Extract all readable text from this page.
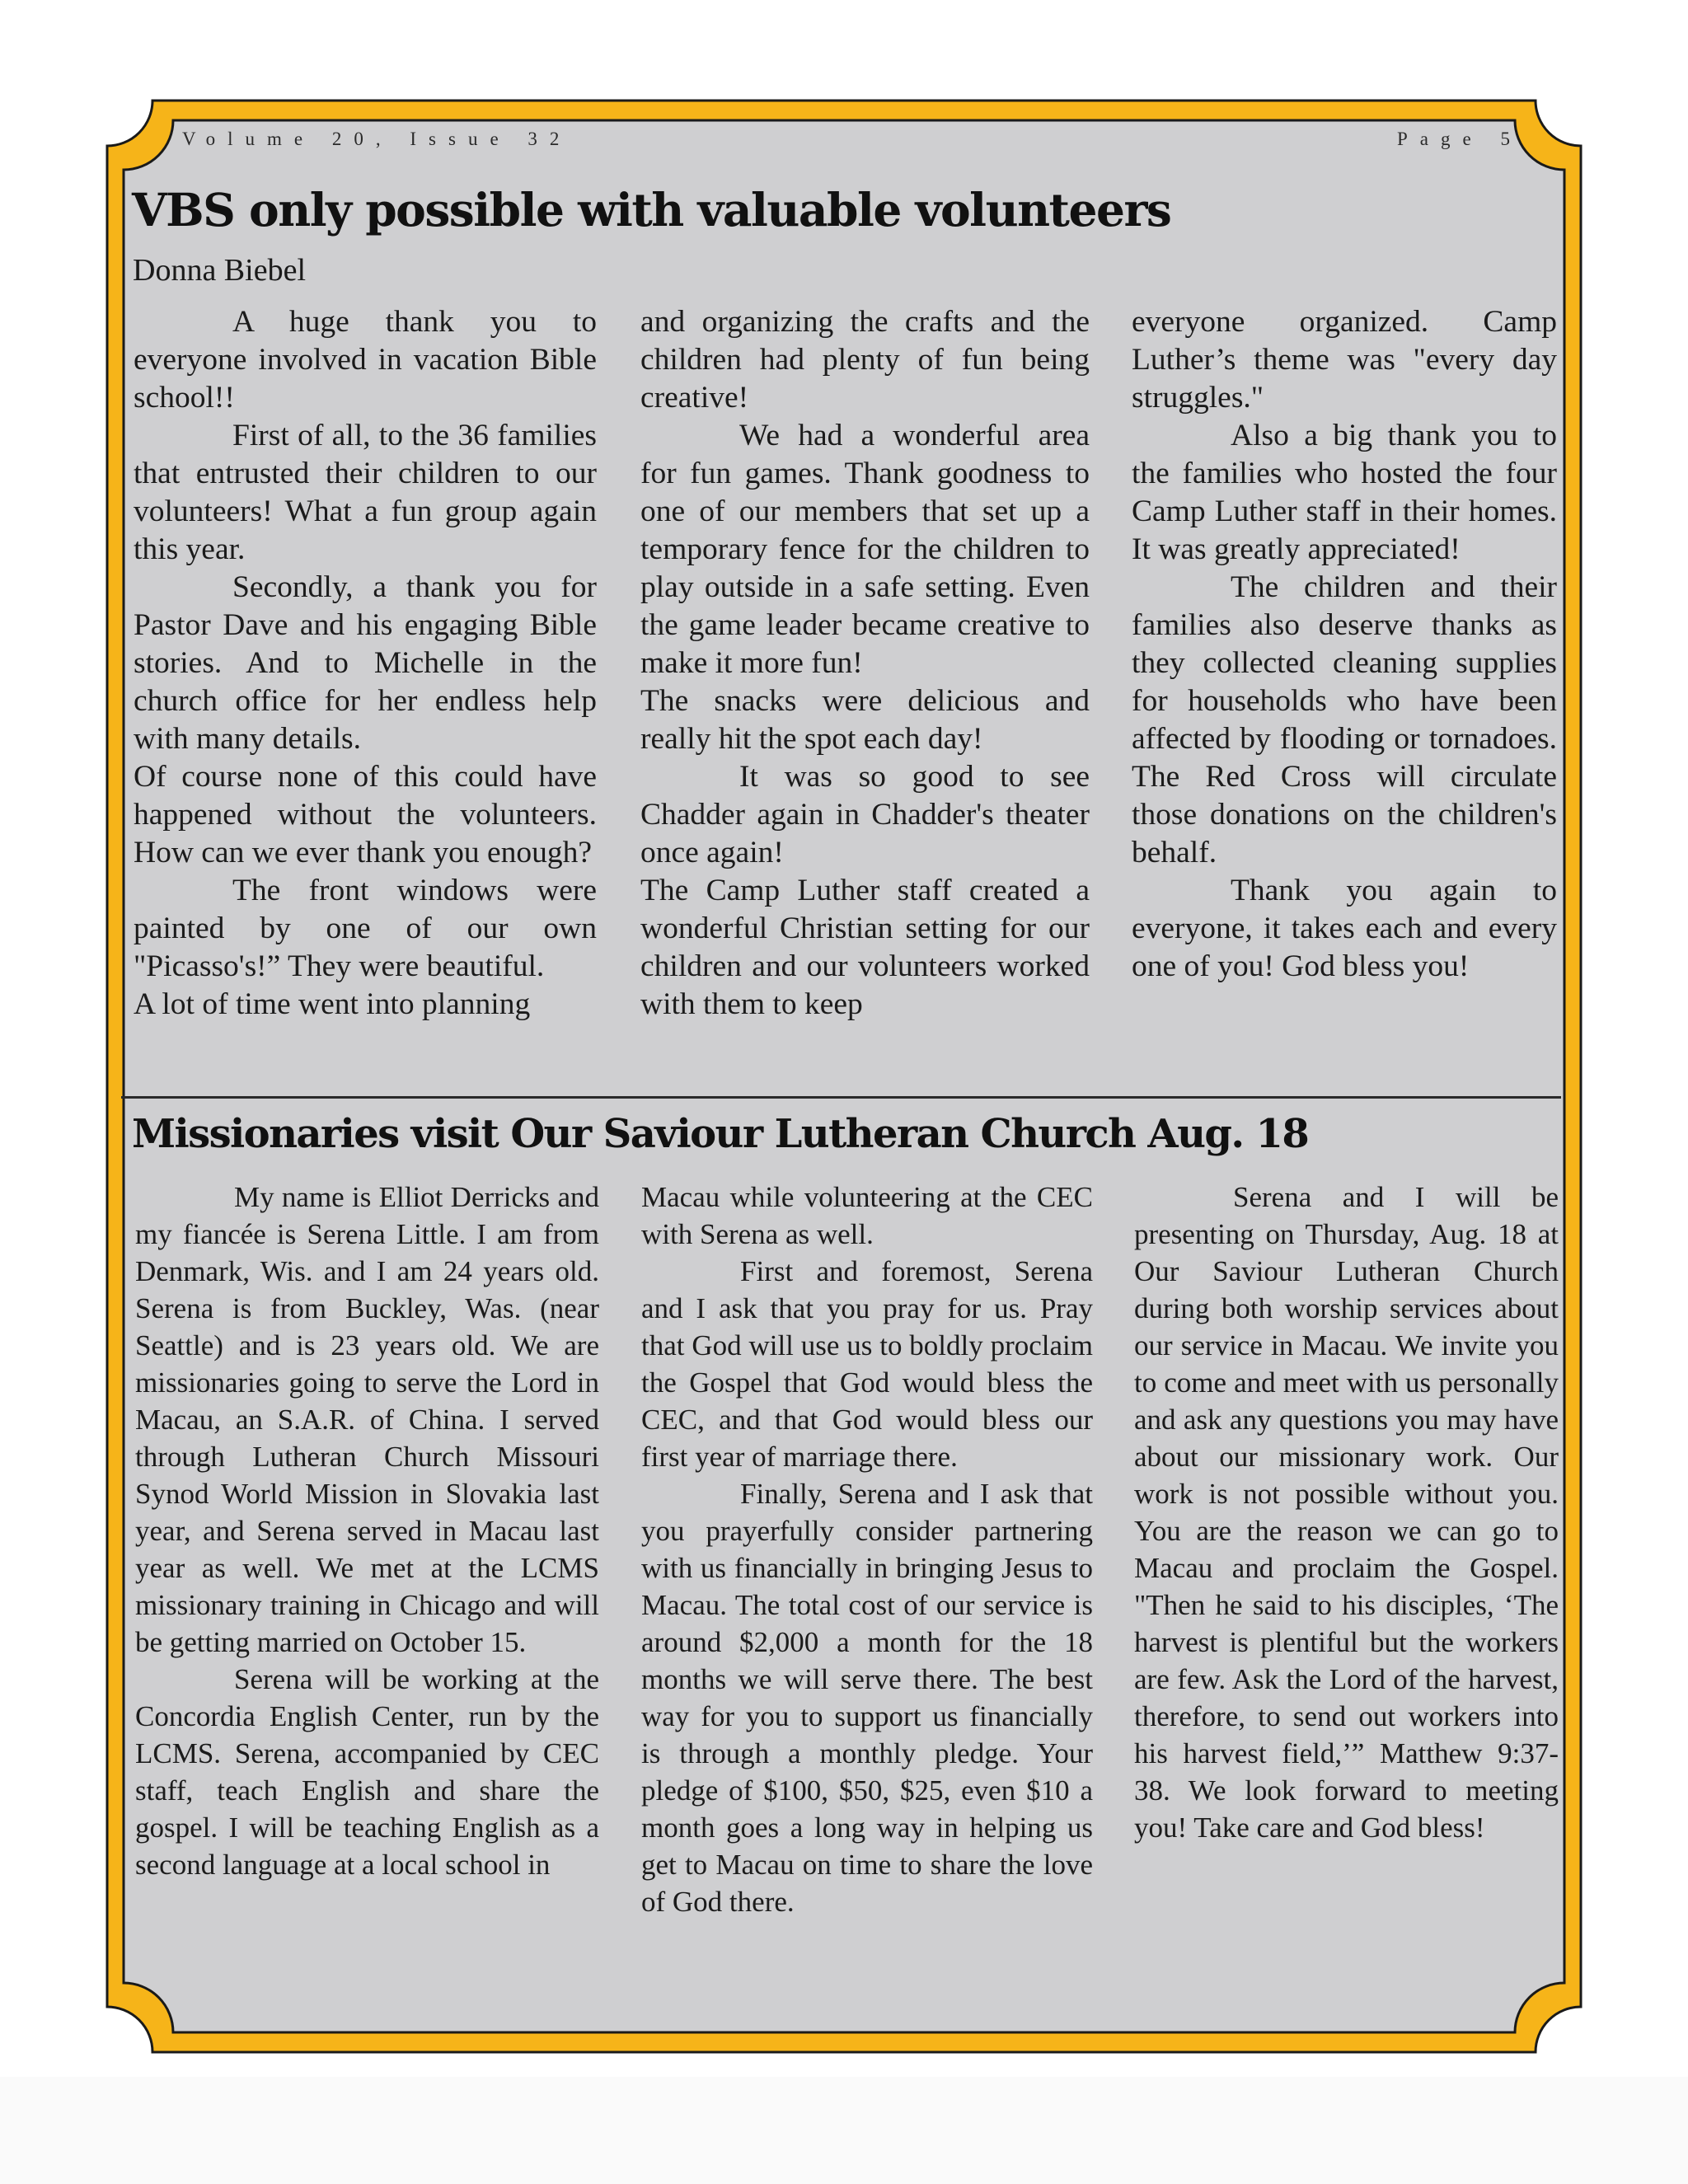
Volume 20, Issue 32	Page 5
VBS only possible with valuable volunteers
Donna Biebel

A huge thank you to everyone involved in vacation Bible school!!

First of all, to the 36 families that entrusted their children to our volunteers! What a fun group again this year.

Secondly, a thank you for Pastor Dave and his engaging Bible stories. And to Michelle in the church office for her endless help with many details.

Of course none of this could have happened without the volunteers. How can we ever thank you enough?

The front windows were painted by one of our own "Picasso's!” They were beautiful.

A lot of time went into planning

and organizing the crafts and the children had plenty of fun being creative!

We had a wonderful area for fun games. Thank goodness to one of our members that set up a temporary fence for the children to play outside in a safe setting. Even the game leader became creative to make it more fun!

The snacks were delicious and really hit the spot each day!

It was so good to see Chadder again in Chadder's theater once again!

The Camp Luther staff created a wonderful Christian setting for our children and our volunteers worked with them to keep

everyone organized. Camp Luther’s theme was "every day struggles."

Also a big thank you to the families who hosted the four Camp Luther staff in their homes. It was greatly appreciated!

The children and their families also deserve thanks as they collected cleaning supplies for households who have been affected by flooding or tornadoes. The Red Cross will circulate those donations on the children's behalf.

Thank you again to everyone, it takes each and every one of you! God bless you!

Missionaries visit Our Saviour Lutheran Church Aug. 18

My name is Elliot Derricks and my fiancée is Serena Little. I am from Denmark, Wis. and I am 24 years old. Serena is from Buckley, Was. (near Seattle) and is 23 years old. We are missionaries going to serve the Lord in Macau, an S.A.R. of China. I served through Lutheran Church Missouri Synod World Mission in Slovakia last year, and Serena served in Macau last year as well. We met at the LCMS missionary training in Chicago and will be getting married on October 15.

Serena will be working at the Concordia English Center, run by the LCMS. Serena, accompanied by CEC staff, teach English and share the gospel. I will be teaching English as a second language at a local school in

Macau while volunteering at the CEC with Serena as well.

First and foremost, Serena and I ask that you pray for us. Pray that God will use us to boldly proclaim the Gospel that God would bless the CEC, and that God would bless our first year of marriage there.

Finally, Serena and I ask that you prayerfully consider partnering with us financially in bringing Jesus to Macau. The total cost of our service is around $2,000 a month for the 18 months we will serve there. The best way for you to support us financially is through a monthly pledge. Your pledge of $100, $50, $25, even $10 a month goes a long way in helping us get to Macau on time to share the love of God there.

Serena and I will be presenting on Thursday, Aug. 18 at Our Saviour Lutheran Church during both worship services about our service in Macau. We invite you to come and meet with us personally and ask any questions you may have about our missionary work. Our work is not possible without you. You are the reason we can go to Macau and proclaim the Gospel. "Then he said to his disciples, ‘The harvest is plentiful but the workers are few. Ask the Lord of the harvest, therefore, to send out workers into his harvest field,’” Matthew 9:37-38. We look forward to meeting you! Take care and God bless!
